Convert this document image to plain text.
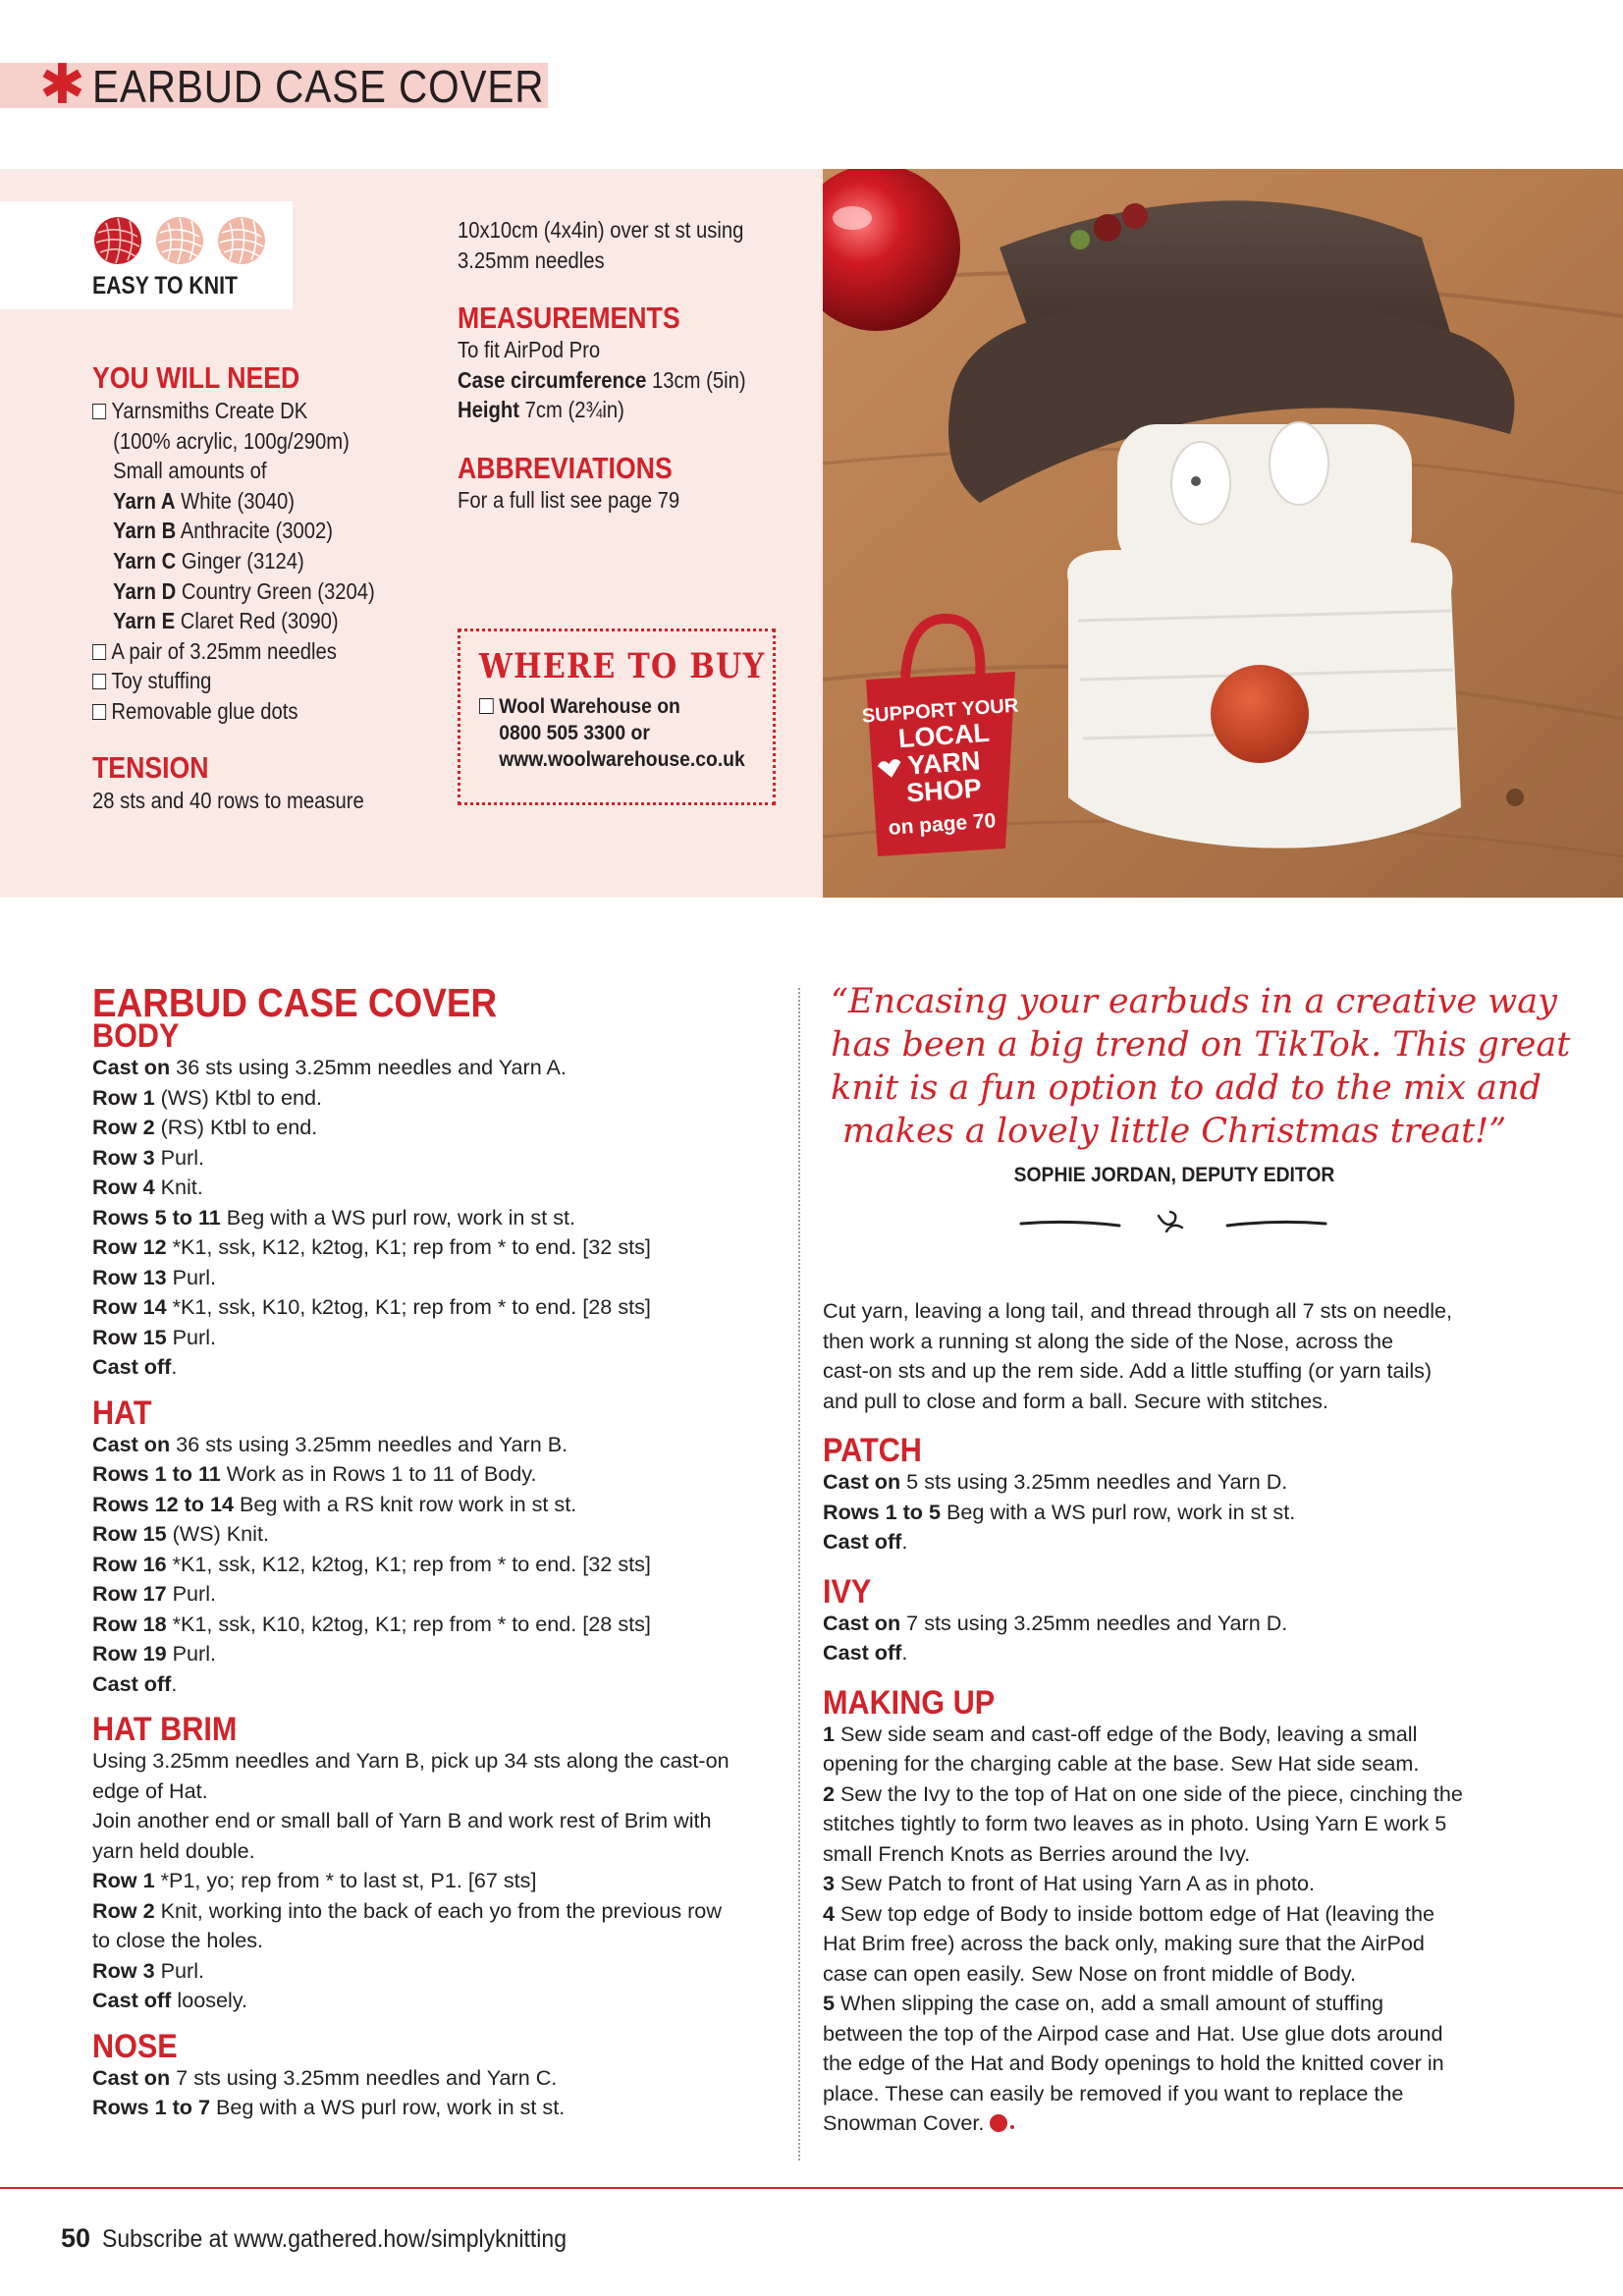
✱ EARBUD CASE COVER
EASY TO KNIT
YOU WILL NEED
Yarnsmiths Create DK
(100% acrylic, 100g/290m)
Small amounts of
Yarn A White (3040)
Yarn B Anthracite (3002)
Yarn C Ginger (3124)
Yarn D Country Green (3204)
Yarn E Claret Red (3090)
A pair of 3.25mm needles
Toy stuffing
Removable glue dots
TENSION
28 sts and 40 rows to measure
10x10cm (4x4in) over st st using
3.25mm needles
MEASUREMENTS
To fit AirPod Pro
Case circumference 13cm (5in)
Height 7cm (2¾in)
ABBREVIATIONS
For a full list see page 79
WHERE TO BUY
Wool Warehouse on
0800 505 3300 or
www.woolwarehouse.co.uk
SUPPORT YOUR
LOCAL
YARN
SHOP
on page 70
EARBUD CASE COVER
BODY
Cast on 36 sts using 3.25mm needles and Yarn A.
Row 1 (WS) Ktbl to end.
Row 2 (RS) Ktbl to end.
Row 3 Purl.
Row 4 Knit.
Rows 5 to 11 Beg with a WS purl row, work in st st.
Row 12 *K1, ssk, K12, k2tog, K1; rep from * to end. [32 sts]
Row 13 Purl.
Row 14 *K1, ssk, K10, k2tog, K1; rep from * to end. [28 sts]
Row 15 Purl.
Cast off.
HAT
Cast on 36 sts using 3.25mm needles and Yarn B.
Rows 1 to 11 Work as in Rows 1 to 11 of Body.
Rows 12 to 14 Beg with a RS knit row work in st st.
Row 15 (WS) Knit.
Row 16 *K1, ssk, K12, k2tog, K1; rep from * to end. [32 sts]
Row 17 Purl.
Row 18 *K1, ssk, K10, k2tog, K1; rep from * to end. [28 sts]
Row 19 Purl.
Cast off.
HAT BRIM
Using 3.25mm needles and Yarn B, pick up 34 sts along the cast-on
edge of Hat.
Join another end or small ball of Yarn B and work rest of Brim with
yarn held double.
Row 1 *P1, yo; rep from * to last st, P1. [67 sts]
Row 2 Knit, working into the back of each yo from the previous row
to close the holes.
Row 3 Purl.
Cast off loosely.
NOSE
Cast on 7 sts using 3.25mm needles and Yarn C.
Rows 1 to 7 Beg with a WS purl row, work in st st.
“Encasing your earbuds in a creative way
has been a big trend on TikTok. This great
knit is a fun option to add to the mix and
makes a lovely little Christmas treat!”
SOPHIE JORDAN, DEPUTY EDITOR
Cut yarn, leaving a long tail, and thread through all 7 sts on needle,
then work a running st along the side of the Nose, across the
cast-on sts and up the rem side. Add a little stuffing (or yarn tails)
and pull to close and form a ball. Secure with stitches.
PATCH
Cast on 5 sts using 3.25mm needles and Yarn D.
Rows 1 to 5 Beg with a WS purl row, work in st st.
Cast off.
IVY
Cast on 7 sts using 3.25mm needles and Yarn D.
Cast off.
MAKING UP
1 Sew side seam and cast-off edge of the Body, leaving a small
opening for the charging cable at the base. Sew Hat side seam.
2 Sew the Ivy to the top of Hat on one side of the piece, cinching the
stitches tightly to form two leaves as in photo. Using Yarn E work 5
small French Knots as Berries around the Ivy.
3 Sew Patch to front of Hat using Yarn A as in photo.
4 Sew top edge of Body to inside bottom edge of Hat (leaving the
Hat Brim free) across the back only, making sure that the AirPod
case can open easily. Sew Nose on front middle of Body.
5 When slipping the case on, add a small amount of stuffing
between the top of the Airpod case and Hat. Use glue dots around
the edge of the Hat and Body openings to hold the knitted cover in
place. These can easily be removed if you want to replace the
Snowman Cover.
50 Subscribe at www.gathered.how/simplyknitting
